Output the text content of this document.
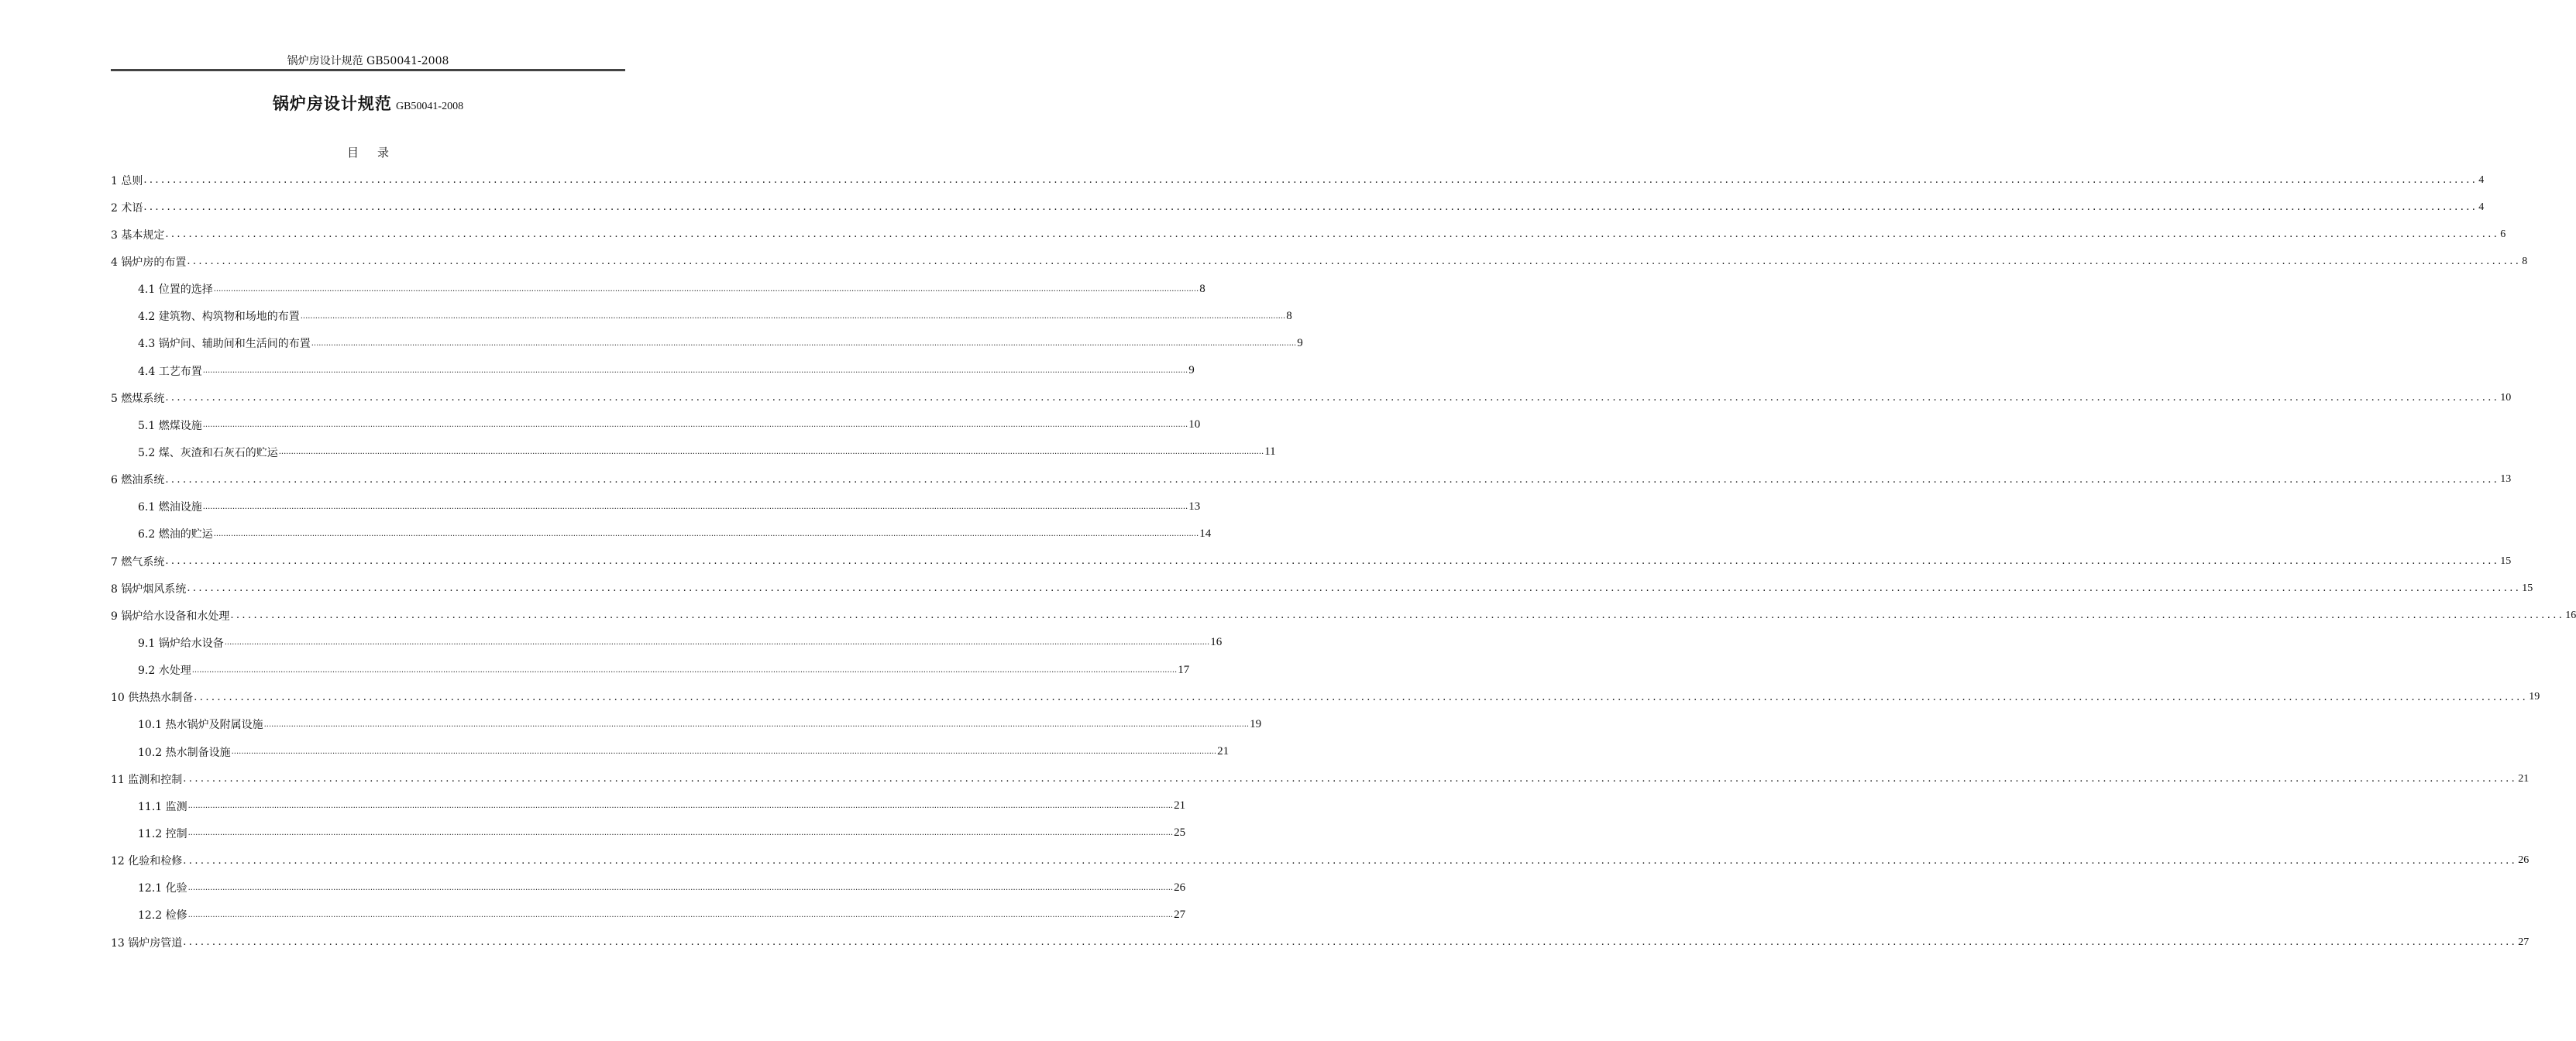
锅炉房设计规范 GB50041-2008
锅炉房设计规范 GB50041-2008
目录
1 总则 ................................................................................................................................................................................................................................................................................................................................................................................................................ 4
2 术语 ................................................................................................................................................................................................................................................................................................................................................................................................................ 4
3 基本规定 ................................................................................................................................................................................................................................................................................................................................................................................................................ 6
4 锅炉房的布置 ................................................................................................................................................................................................................................................................................................................................................................................................................ 8
4.1 位置的选择 ................................................................................................................................................................................................................................................................................................................................................................................................................ 8
4.2 建筑物、构筑物和场地的布置 ................................................................................................................................................................................................................................................................................................................................................................................................................ 8
4.3 锅炉间、辅助间和生活间的布置 ................................................................................................................................................................................................................................................................................................................................................................................................................ 9
4.4 工艺布置 ................................................................................................................................................................................................................................................................................................................................................................................................................ 9
5 燃煤系统 ................................................................................................................................................................................................................................................................................................................................................................................................................ 10
5.1 燃煤设施 ................................................................................................................................................................................................................................................................................................................................................................................................................ 10
5.2 煤、灰渣和石灰石的贮运 ................................................................................................................................................................................................................................................................................................................................................................................................................ 11
6 燃油系统 ................................................................................................................................................................................................................................................................................................................................................................................................................ 13
6.1 燃油设施 ................................................................................................................................................................................................................................................................................................................................................................................................................ 13
6.2 燃油的贮运 ................................................................................................................................................................................................................................................................................................................................................................................................................ 14
7 燃气系统 ................................................................................................................................................................................................................................................................................................................................................................................................................ 15
8 锅炉烟风系统 ................................................................................................................................................................................................................................................................................................................................................................................................................ 15
9 锅炉给水设备和水处理 ................................................................................................................................................................................................................................................................................................................................................................................................................ 16
9.1 锅炉给水设备 ................................................................................................................................................................................................................................................................................................................................................................................................................ 16
9.2 水处理 ................................................................................................................................................................................................................................................................................................................................................................................................................ 17
10 供热热水制备 ................................................................................................................................................................................................................................................................................................................................................................................................................ 19
10.1 热水锅炉及附属设施 ................................................................................................................................................................................................................................................................................................................................................................................................................ 19
10.2 热水制备设施 ................................................................................................................................................................................................................................................................................................................................................................................................................ 21
11 监测和控制 ................................................................................................................................................................................................................................................................................................................................................................................................................ 21
11.1 监测 ................................................................................................................................................................................................................................................................................................................................................................................................................ 21
11.2 控制 ................................................................................................................................................................................................................................................................................................................................................................................................................ 25
12 化验和检修 ................................................................................................................................................................................................................................................................................................................................................................................................................ 26
12.1 化验 ................................................................................................................................................................................................................................................................................................................................................................................................................ 26
12.2 检修 ................................................................................................................................................................................................................................................................................................................................................................................................................ 27
13 锅炉房管道 ................................................................................................................................................................................................................................................................................................................................................................................................................ 27
